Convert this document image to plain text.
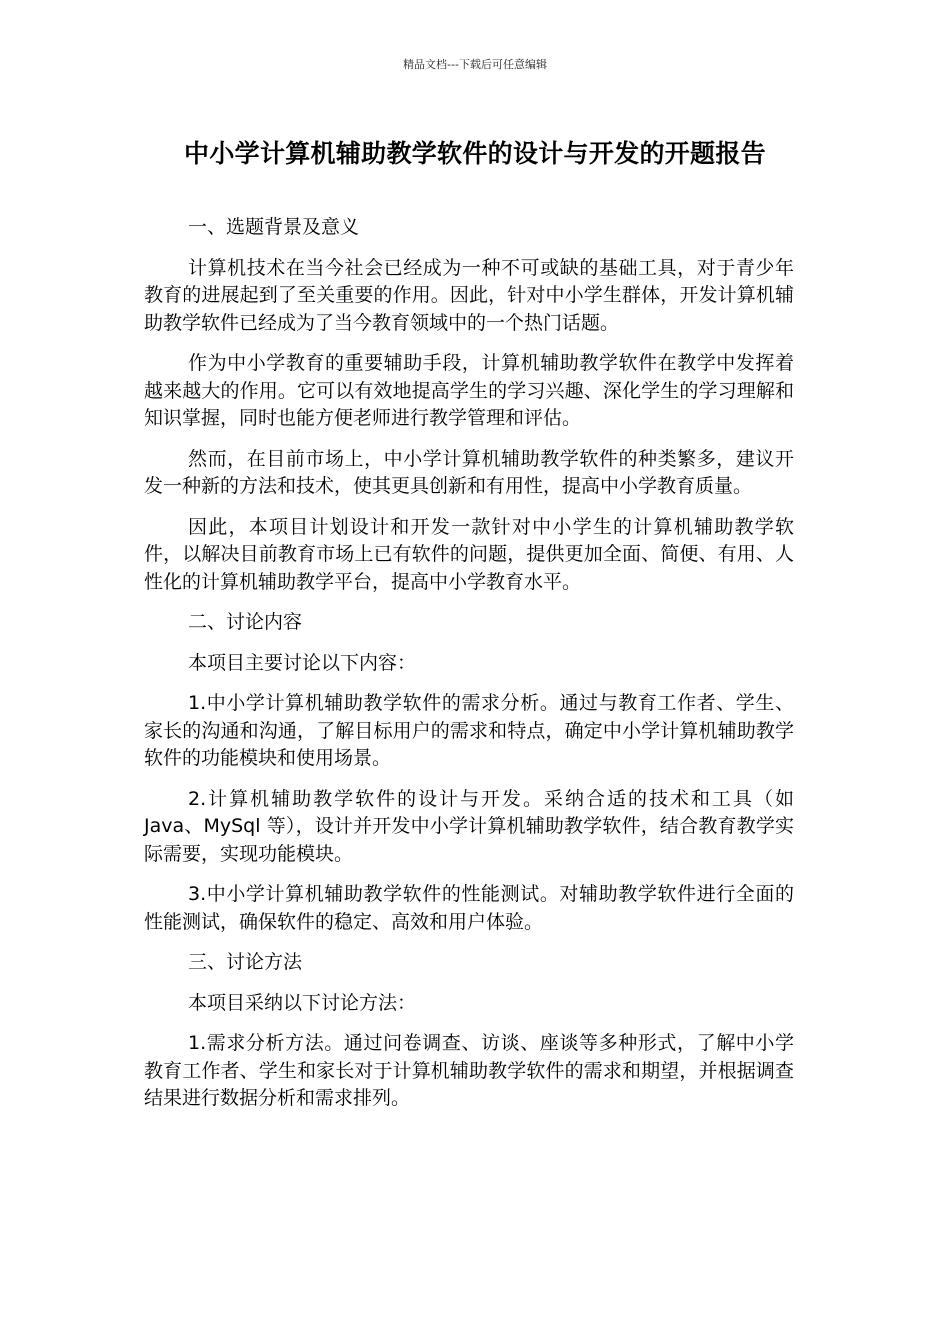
精品文档---下载后可任意编辑
中小学计算机辅助教学软件的设计与开发的开题报告

一、选题背景及意义

计算机技术在当今社会已经成为一种不可或缺的基础工具，对于青少年教育的进展起到了至关重要的作用。因此，针对中小学生群体，开发计算机辅助教学软件已经成为了当今教育领域中的一个热门话题。

作为中小学教育的重要辅助手段，计算机辅助教学软件在教学中发挥着越来越大的作用。它可以有效地提高学生的学习兴趣、深化学生的学习理解和知识掌握，同时也能方便老师进行教学管理和评估。

然而，在目前市场上，中小学计算机辅助教学软件的种类繁多，建议开发一种新的方法和技术，使其更具创新和有用性，提高中小学教育质量。

因此，本项目计划设计和开发一款针对中小学生的计算机辅助教学软件，以解决目前教育市场上已有软件的问题，提供更加全面、简便、有用、人性化的计算机辅助教学平台，提高中小学教育水平。

二、讨论内容

本项目主要讨论以下内容：

1.中小学计算机辅助教学软件的需求分析。通过与教育工作者、学生、家长的沟通和沟通，了解目标用户的需求和特点，确定中小学计算机辅助教学软件的功能模块和使用场景。

2.计算机辅助教学软件的设计与开发。采纳合适的技术和工具（如 Java、MySql 等），设计并开发中小学计算机辅助教学软件，结合教育教学实际需要，实现功能模块。

3.中小学计算机辅助教学软件的性能测试。对辅助教学软件进行全面的性能测试，确保软件的稳定、高效和用户体验。

三、讨论方法

本项目采纳以下讨论方法：

1.需求分析方法。通过问卷调查、访谈、座谈等多种形式，了解中小学教育工作者、学生和家长对于计算机辅助教学软件的需求和期望，并根据调查结果进行数据分析和需求排列。
